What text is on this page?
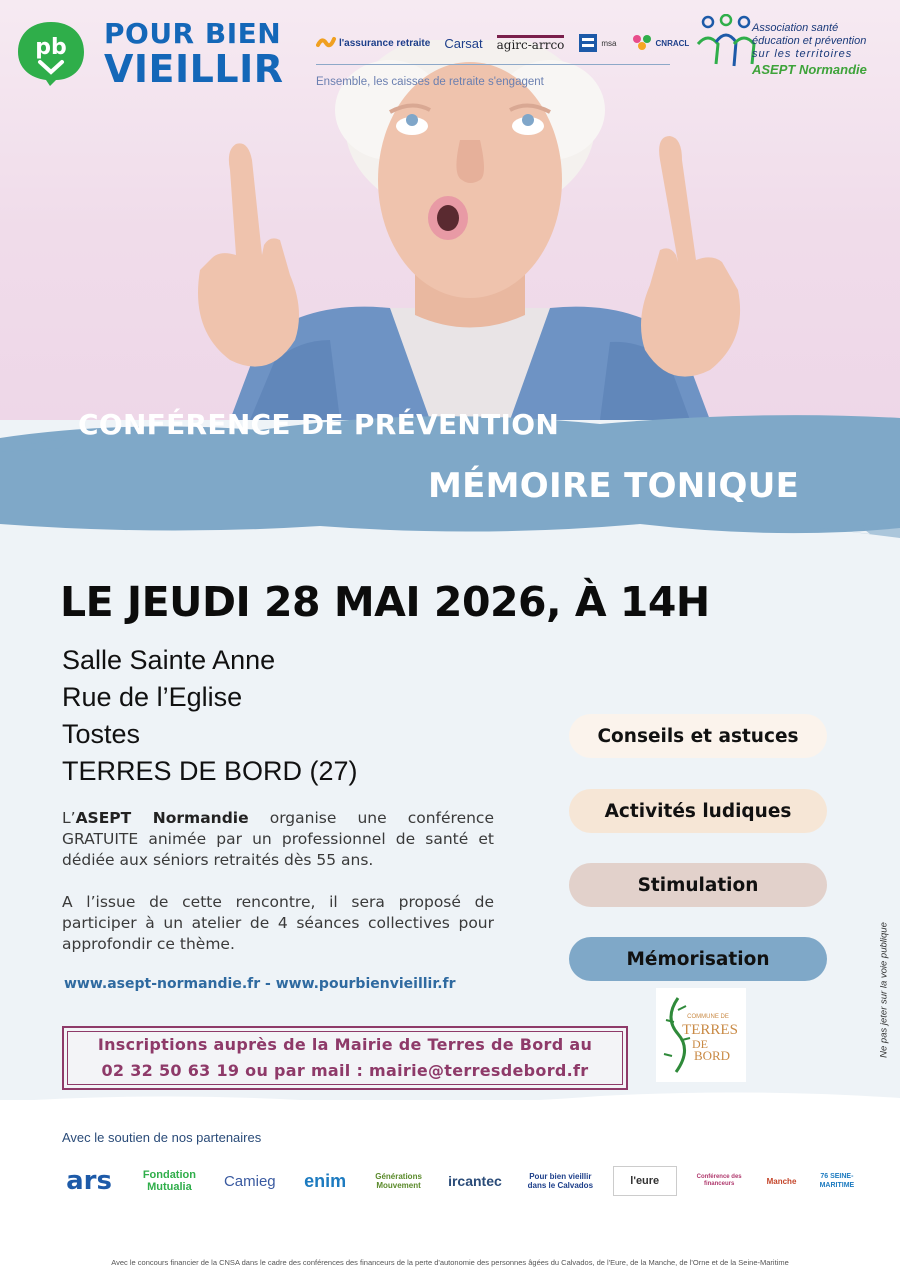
pb POUR BIEN
VIEILLIR
l'assurance retraite Carsat agirc-arrco	msa	CNRACL
Ensemble, les caisses de retraite s'engagent
Association santé
éducation et prévention
sur les territoires
ASEPT Normandie
CONFÉRENCE DE PRÉVENTION
MÉMOIRE TONIQUE
LE JEUDI 28 MAI 2026, À 14H
Salle Sainte Anne
Rue de l’Eglise
Tostes
TERRES DE BORD (27)

L’ASEPT Normandie organise une conférence GRATUITE animée par un professionnel de santé et dédiée aux séniors retraités dès 55 ans.

A l’issue de cette rencontre, il sera proposé de participer à un atelier de 4 séances collectives pour approfondir ce thème.

www.asept-normandie.fr - www.pourbienvieillir.fr
Conseils et astuces
Activités ludiques
Stimulation
Mémorisation
COMMUNE DE
TERRES
DE
BORD	Ne pas jeter sur la voie publique
Inscriptions auprès de la Mairie de Terres de Bord au
02 32 50 63 19 ou par mail : mairie@terresdebord.fr
Avec le soutien de nos partenaires
ars	Fondation Mutualia	Camieg enim	Générations Mouvement	ircantec	Pour bien vieillir dans le Calvados	l'eure	Conférence des financeurs	Manche	76 SEINE-MARITIME
Avec le concours financier de la CNSA dans le cadre des conférences des financeurs de la perte d'autonomie des personnes âgées du Calvados, de l'Eure, de la Manche, de l'Orne et de la Seine-Maritime
